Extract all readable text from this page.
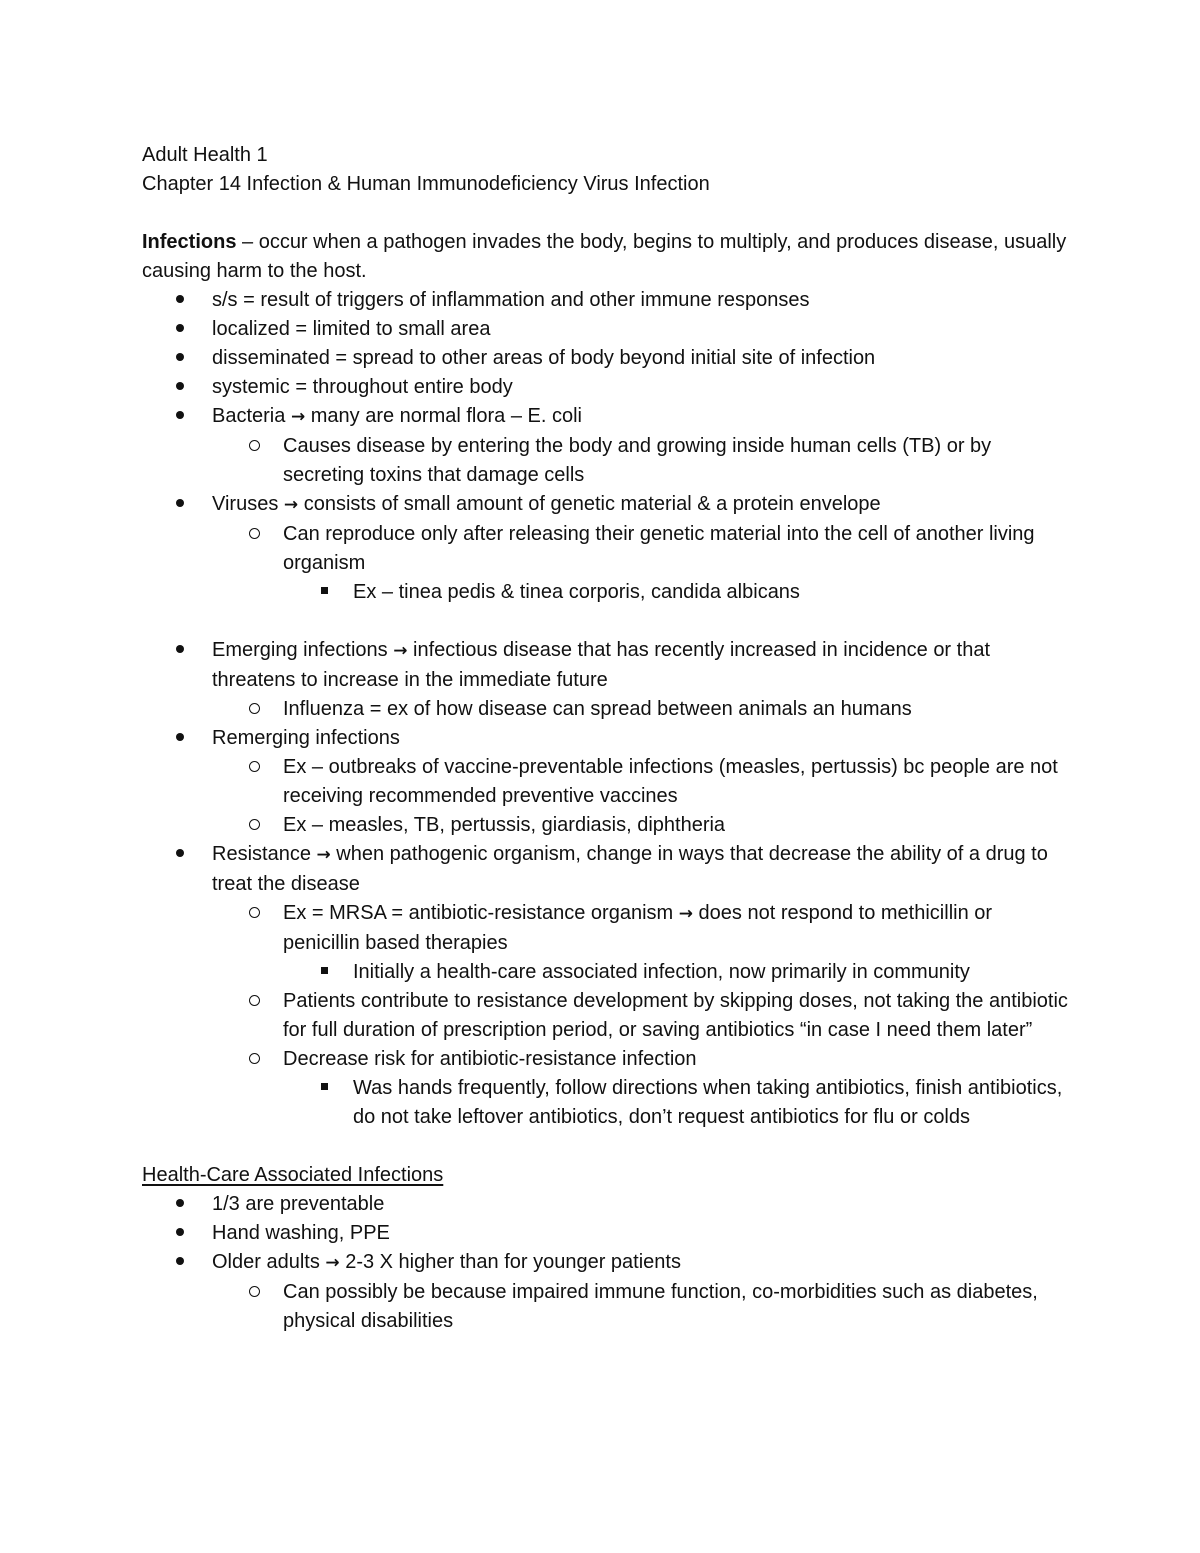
Adult Health 1

Chapter 14 Infection & Human Immunodeficiency Virus Infection

Infections – occur when a pathogen invades the body, begins to multiply, and produces disease, usually causing harm to the host.

s/s = result of triggers of inflammation and other immune responses
localized = limited to small area
disseminated = spread to other areas of body beyond initial site of infection
systemic = throughout entire body
Bacteria → many are normal flora – E. coli
Causes disease by entering the body and growing inside human cells (TB) or by secreting toxins that damage cells
Viruses → consists of small amount of genetic material & a protein envelope
Can reproduce only after releasing their genetic material into the cell of another living organism
Ex – tinea pedis & tinea corporis, candida albicans
Emerging infections → infectious disease that has recently increased in incidence or that threatens to increase in the immediate future
Influenza = ex of how disease can spread between animals an humans
Remerging infections
Ex – outbreaks of vaccine-preventable infections (measles, pertussis) bc people are not receiving recommended preventive vaccines
Ex – measles, TB, pertussis, giardiasis, diphtheria
Resistance → when pathogenic organism, change in ways that decrease the ability of a drug to treat the disease
Ex = MRSA = antibiotic-resistance organism → does not respond to methicillin or penicillin based therapies
Initially a health-care associated infection, now primarily in community
Patients contribute to resistance development by skipping doses, not taking the antibiotic for full duration of prescription period, or saving antibiotics “in case I need them later”
Decrease risk for antibiotic-resistance infection
Was hands frequently, follow directions when taking antibiotics, finish antibiotics, do not take leftover antibiotics, don’t request antibiotics for flu or colds

Health-Care Associated Infections

1/3 are preventable
Hand washing, PPE
Older adults → 2-3 X higher than for younger patients
Can possibly be because impaired immune function, co-morbidities such as diabetes, physical disabilities
